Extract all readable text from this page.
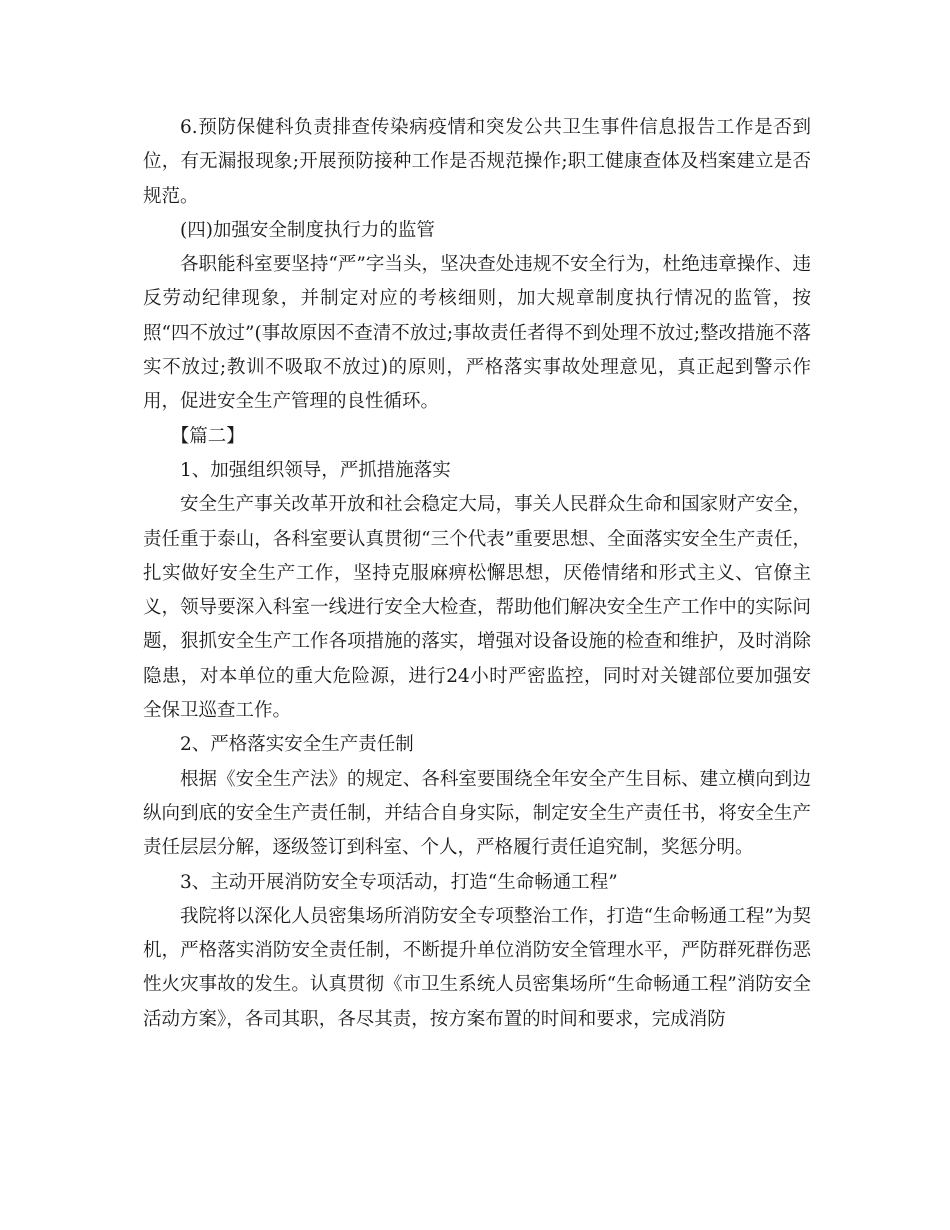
6.预防保健科负责排查传染病疫情和突发公共卫生事件信息报告工作是否到位，有无漏报现象;开展预防接种工作是否规范操作;职工健康查体及档案建立是否规范。

(四)加强安全制度执行力的监管

各职能科室要坚持“严”字当头，坚决查处违规不安全行为，杜绝违章操作、违反劳动纪律现象，并制定对应的考核细则，加大规章制度执行情况的监管，按照“四不放过”(事故原因不查清不放过;事故责任者得不到处理不放过;整改措施不落实不放过;教训不吸取不放过)的原则，严格落实事故处理意见，真正起到警示作用，促进安全生产管理的良性循环。

【篇二】

1、加强组织领导，严抓措施落实

安全生产事关改革开放和社会稳定大局，事关人民群众生命和国家财产安全，责任重于泰山，各科室要认真贯彻“三个代表”重要思想、全面落实安全生产责任，扎实做好安全生产工作，坚持克服麻痹松懈思想，厌倦情绪和形式主义、官僚主义，领导要深入科室一线进行安全大检查，帮助他们解决安全生产工作中的实际问题，狠抓安全生产工作各项措施的落实，增强对设备设施的检查和维护，及时消除隐患，对本单位的重大危险源，进行24小时严密监控，同时对关键部位要加强安全保卫巡查工作。

2、严格落实安全生产责任制

根据《安全生产法》的规定、各科室要围绕全年安全产生目标、建立横向到边纵向到底的安全生产责任制，并结合自身实际，制定安全生产责任书，将安全生产责任层层分解，逐级签订到科室、个人，严格履行责任追究制，奖惩分明。

3、主动开展消防安全专项活动，打造“生命畅通工程”

我院将以深化人员密集场所消防安全专项整治工作，打造“生命畅通工程”为契机，严格落实消防安全责任制，不断提升单位消防安全管理水平，严防群死群伤恶性火灾事故的发生。认真贯彻《市卫生系统人员密集场所“生命畅通工程”消防安全活动方案》，各司其职，各尽其责，按方案布置的时间和要求，完成消防
